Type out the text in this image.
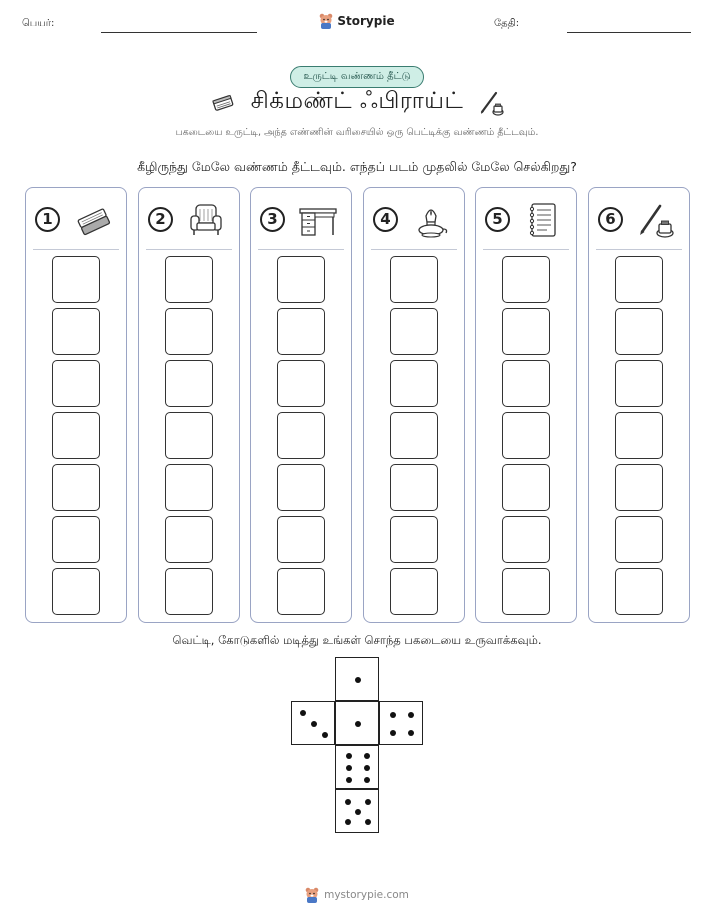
பெயர்:	Storypie	தேதி:
உருட்டி வண்ணம் தீட்டு
சிக்மண்ட் ஃபிராய்ட்
பகடையை உருட்டி, அந்த எண்ணின் வரிசையில் ஒரு பெட்டிக்கு வண்ணம் தீட்டவும்.
கீழிருந்து மேலே வண்ணம் தீட்டவும். எந்தப் படம் முதலில் மேலே செல்கிறது?
1	2	3	4	5	6
வெட்டி, கோடுகளில் மடித்து உங்கள் சொந்த பகடையை உருவாக்கவும்.
mystorypie.com
